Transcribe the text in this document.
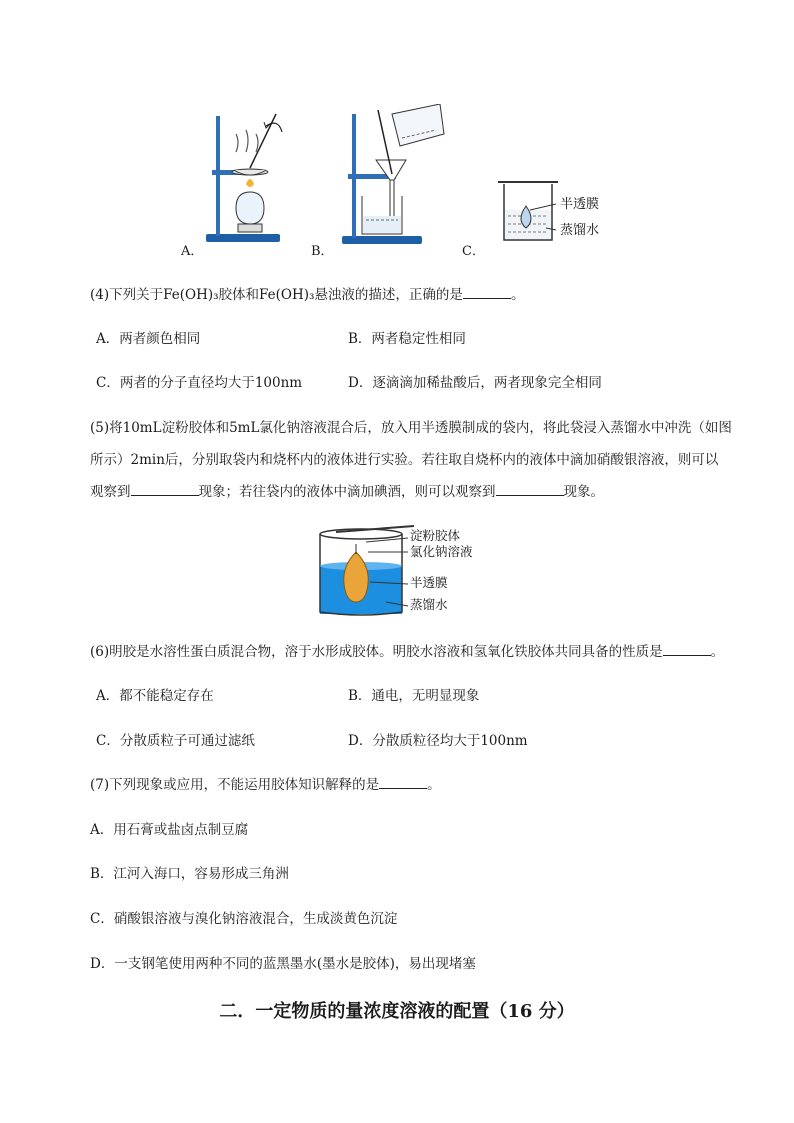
A．	B．
半透膜
蒸馏水
C．
(4)下列关于Fe(OH)₃胶体和Fe(OH)₃悬浊液的描述，正确的是	。
A．两者颜色相同	B．两者稳定性相同
C．两者的分子直径均大于100nm	D．逐滴滴加稀盐酸后，两者现象完全相同
(5)将10mL淀粉胶体和5mL氯化钠溶液混合后，放入用半透膜制成的袋内，将此袋浸入蒸馏水中冲洗（如图
所示）2min后，分别取袋内和烧杯内的液体进行实验。若往取自烧杯内的液体中滴加硝酸银溶液，则可以
观察到	现象；若往袋内的液体中滴加碘酒，则可以观察到	现象。
淀粉胶体
氯化钠溶液
半透膜
蒸馏水
(6)明胶是水溶性蛋白质混合物，溶于水形成胶体。明胶水溶液和氢氧化铁胶体共同具备的性质是	。
A．都不能稳定存在	B．通电，无明显现象
C．分散质粒子可通过滤纸	D．分散质粒径均大于100nm
(7)下列现象或应用，不能运用胶体知识解释的是	。
A．用石膏或盐卤点制豆腐
B．江河入海口，容易形成三角洲
C．硝酸银溶液与溴化钠溶液混合，生成淡黄色沉淀
D．一支钢笔使用两种不同的蓝黑墨水(墨水是胶体)，易出现堵塞
二．一定物质的量浓度溶液的配置（16 分）
